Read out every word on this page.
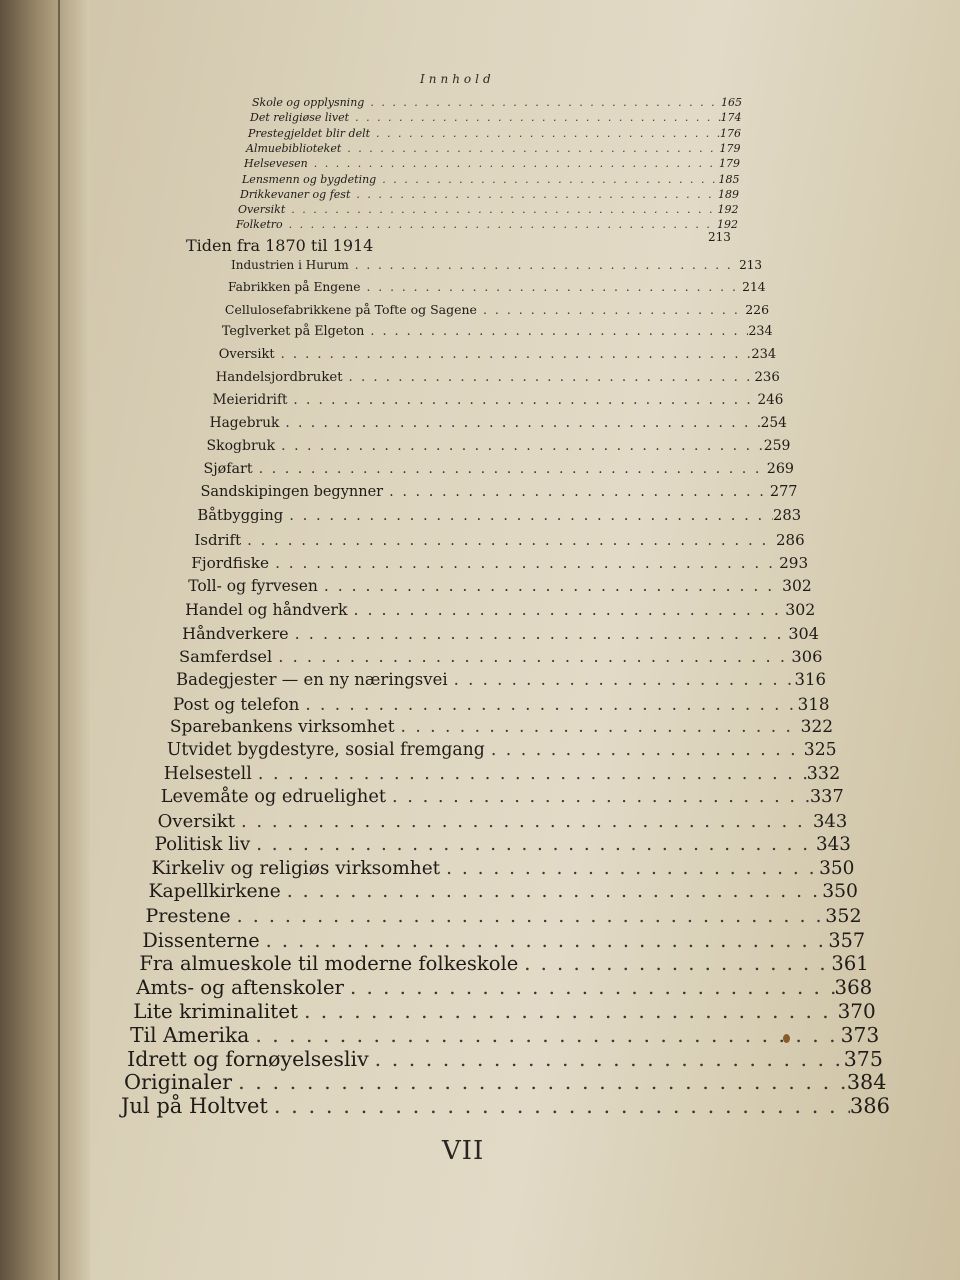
Innhold
Skole og opplysning . . .	165
Det religiøse livet . . .	174
Prestegjeldet blir delt . . .	176
Almuebiblioteket . . .	179
Helsevesen . . .	179
Lensmenn og bygdeting . . .	185
Drikkevaner og fest . . .	189
Oversikt . . .	192
Folketro . . .	192
Tiden fra 1870 til 1914	213
Industrien i Hurum . . .	213
Fabrikken på Engene . . .	214
Cellulosefabrikkene på Tofte og Sagene . . .	226
Teglverket på Elgeton . . .	234
Oversikt . . .	234
Handelsjordbruket . . .	236
Meieridrift . . .	246
Hagebruk . . .	254
Skogbruk . . .	259
Sjøfart . . .	269
Sandskipingen begynner . . .	277
Båtbygging . . .	283
Isdrift . . .	286
Fjordfiske . . .	293
Toll- og fyrvesen . . .	302
Handel og håndverk . . .	302
Håndverkere . . .	304
Samferdsel . . .	306
Badegjester — en ny næringsvei . . .	316
Post og telefon . . .	318
Sparebankens virksomhet . . .	322
Utvidet bygdestyre, sosial fremgang . . .	325
Helsestell . . .	332
Levemåte og edruelighet . . .	337
Oversikt . . .	343
Politisk liv . . .	343
Kirkeliv og religiøs virksomhet . . .	350
Kapellkirkene . . .	350
Prestene . . .	352
Dissenterne . . .	357
Fra almueskole til moderne folkeskole . . .	361
Amts- og aftenskoler . . .	368
Lite kriminalitet . . .	370
Til Amerika . . .	373
Idrett og fornøyelsesliv . . .	375
Originaler . . .	384
Jul på Holtvet . . .	386
VII
